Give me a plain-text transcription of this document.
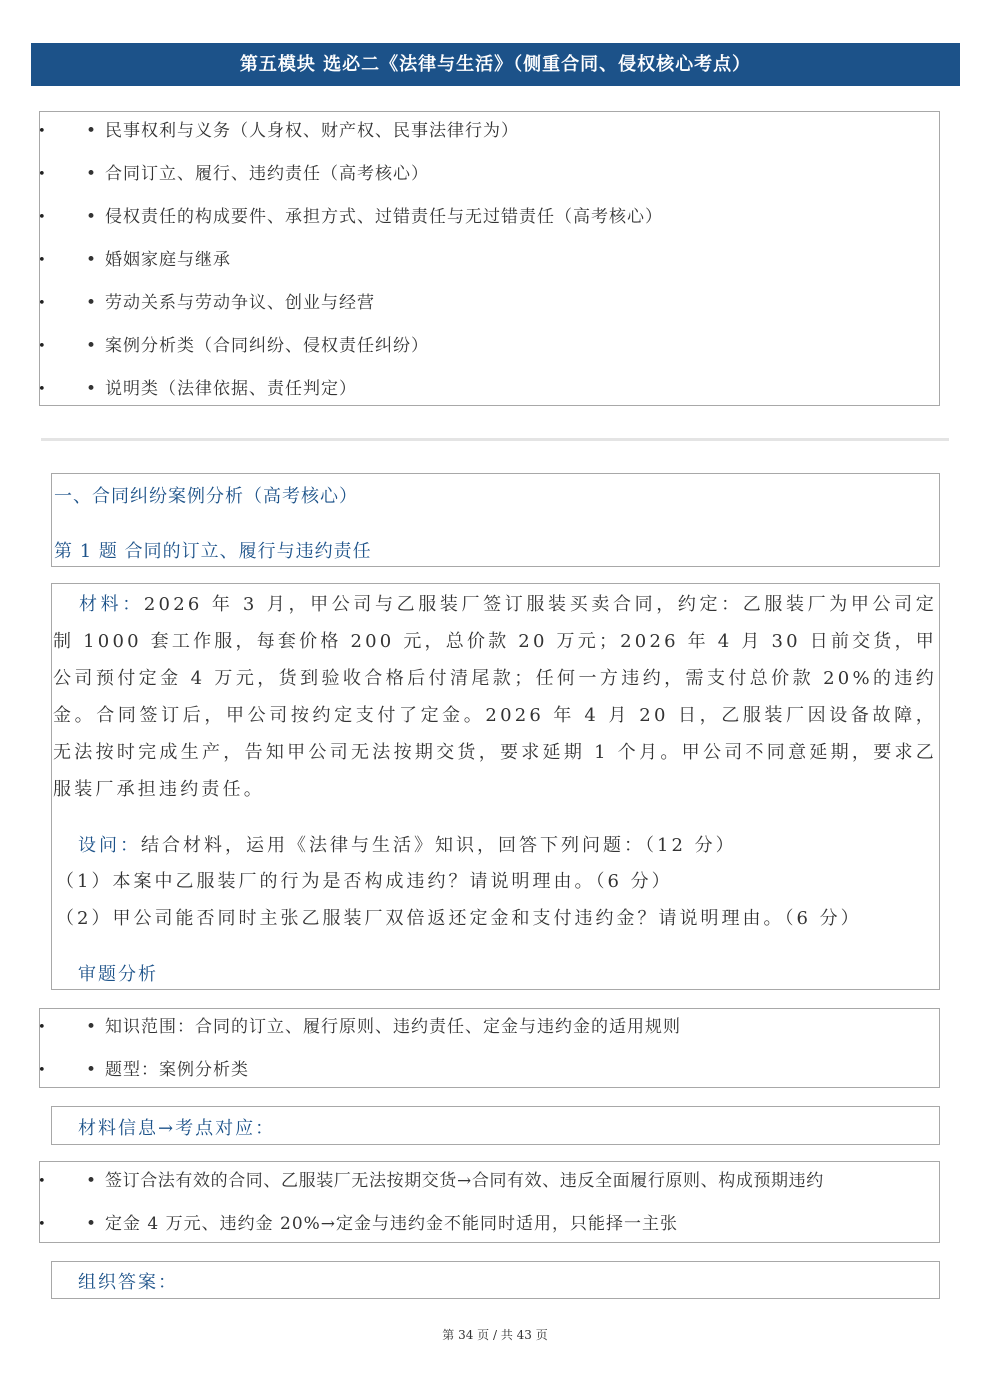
第五模块 选必二《法律与生活》（侧重合同、侵权核心考点）
• • 民事权利与义务（人身权、财产权、民事法律行为）
• • 合同订立、履行、违约责任（高考核心）
• • 侵权责任的构成要件、承担方式、过错责任与无过错责任（高考核心）
• • 婚姻家庭与继承
• • 劳动关系与劳动争议、创业与经营
• • 案例分析类（合同纠纷、侵权责任纠纷）
• • 说明类（法律依据、责任判定）
一、合同纠纷案例分析（高考核心）
第 1 题 合同的订立、履行与违约责任
材料：2026 年 3 月，甲公司与乙服装厂签订服装买卖合同，约定：乙服装厂为甲公司定制 1000 套工作服，每套价格 200 元，总价款 20 万元；2026 年 4 月 30 日前交货，甲公司预付定金 4 万元，货到验收合格后付清尾款；任何一方违约，需支付总价款 20%的违约金。合同签订后，甲公司按约定支付了定金。2026 年 4 月 20 日，乙服装厂因设备故障，无法按时完成生产，告知甲公司无法按期交货，要求延期 1 个月。甲公司不同意延期，要求乙服装厂承担违约责任。
设问：结合材料，运用《法律与生活》知识，回答下列问题：（12 分）
（1）本案中乙服装厂的行为是否构成违约？请说明理由。（6 分）
（2）甲公司能否同时主张乙服装厂双倍返还定金和支付违约金？请说明理由。（6 分）
审题分析
• • 知识范围：合同的订立、履行原则、违约责任、定金与违约金的适用规则
• • 题型：案例分析类
材料信息→考点对应：
• • 签订合法有效的合同、乙服装厂无法按期交货→合同有效、违反全面履行原则、构成预期违约
• • 定金 4 万元、违约金 20%→定金与违约金不能同时适用，只能择一主张
组织答案：
第 34 页 / 共 43 页
